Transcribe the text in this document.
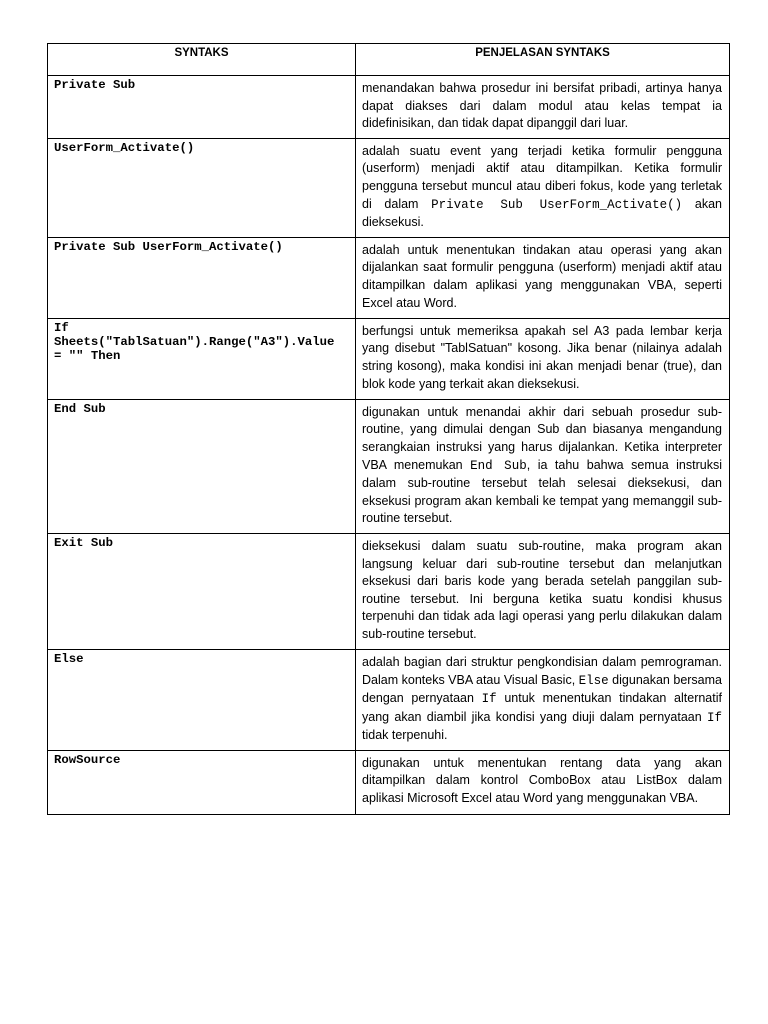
SYNTAKS	PENJELASAN SYNTAKS
Private Sub	menandakan bahwa prosedur ini bersifat pribadi, artinya hanya dapat diakses dari dalam modul atau kelas tempat ia didefinisikan, dan tidak dapat dipanggil dari luar.
UserForm_Activate()	adalah suatu event yang terjadi ketika formulir pengguna (userform) menjadi aktif atau ditampilkan. Ketika formulir pengguna tersebut muncul atau diberi fokus, kode yang terletak di dalam Private Sub UserForm_Activate() akan dieksekusi.
Private Sub UserForm_Activate()	adalah untuk menentukan tindakan atau operasi yang akan dijalankan saat formulir pengguna (userform) menjadi aktif atau ditampilkan dalam aplikasi yang menggunakan VBA, seperti Excel atau Word.
If Sheets("TablSatuan").Range("A3").Value = "" Then	berfungsi untuk memeriksa apakah sel A3 pada lembar kerja yang disebut "TablSatuan" kosong. Jika benar (nilainya adalah string kosong), maka kondisi ini akan menjadi benar (true), dan blok kode yang terkait akan dieksekusi.
End Sub	digunakan untuk menandai akhir dari sebuah prosedur sub-routine, yang dimulai dengan Sub dan biasanya mengandung serangkaian instruksi yang harus dijalankan. Ketika interpreter VBA menemukan End Sub, ia tahu bahwa semua instruksi dalam sub-routine tersebut telah selesai dieksekusi, dan eksekusi program akan kembali ke tempat yang memanggil sub-routine tersebut.
Exit Sub	dieksekusi dalam suatu sub-routine, maka program akan langsung keluar dari sub-routine tersebut dan melanjutkan eksekusi dari baris kode yang berada setelah panggilan sub-routine tersebut. Ini berguna ketika suatu kondisi khusus terpenuhi dan tidak ada lagi operasi yang perlu dilakukan dalam sub-routine tersebut.
Else	adalah bagian dari struktur pengkondisian dalam pemrograman. Dalam konteks VBA atau Visual Basic, Else digunakan bersama dengan pernyataan If untuk menentukan tindakan alternatif yang akan diambil jika kondisi yang diuji dalam pernyataan If tidak terpenuhi.
RowSource	digunakan untuk menentukan rentang data yang akan ditampilkan dalam kontrol ComboBox atau ListBox dalam aplikasi Microsoft Excel atau Word yang menggunakan VBA.
